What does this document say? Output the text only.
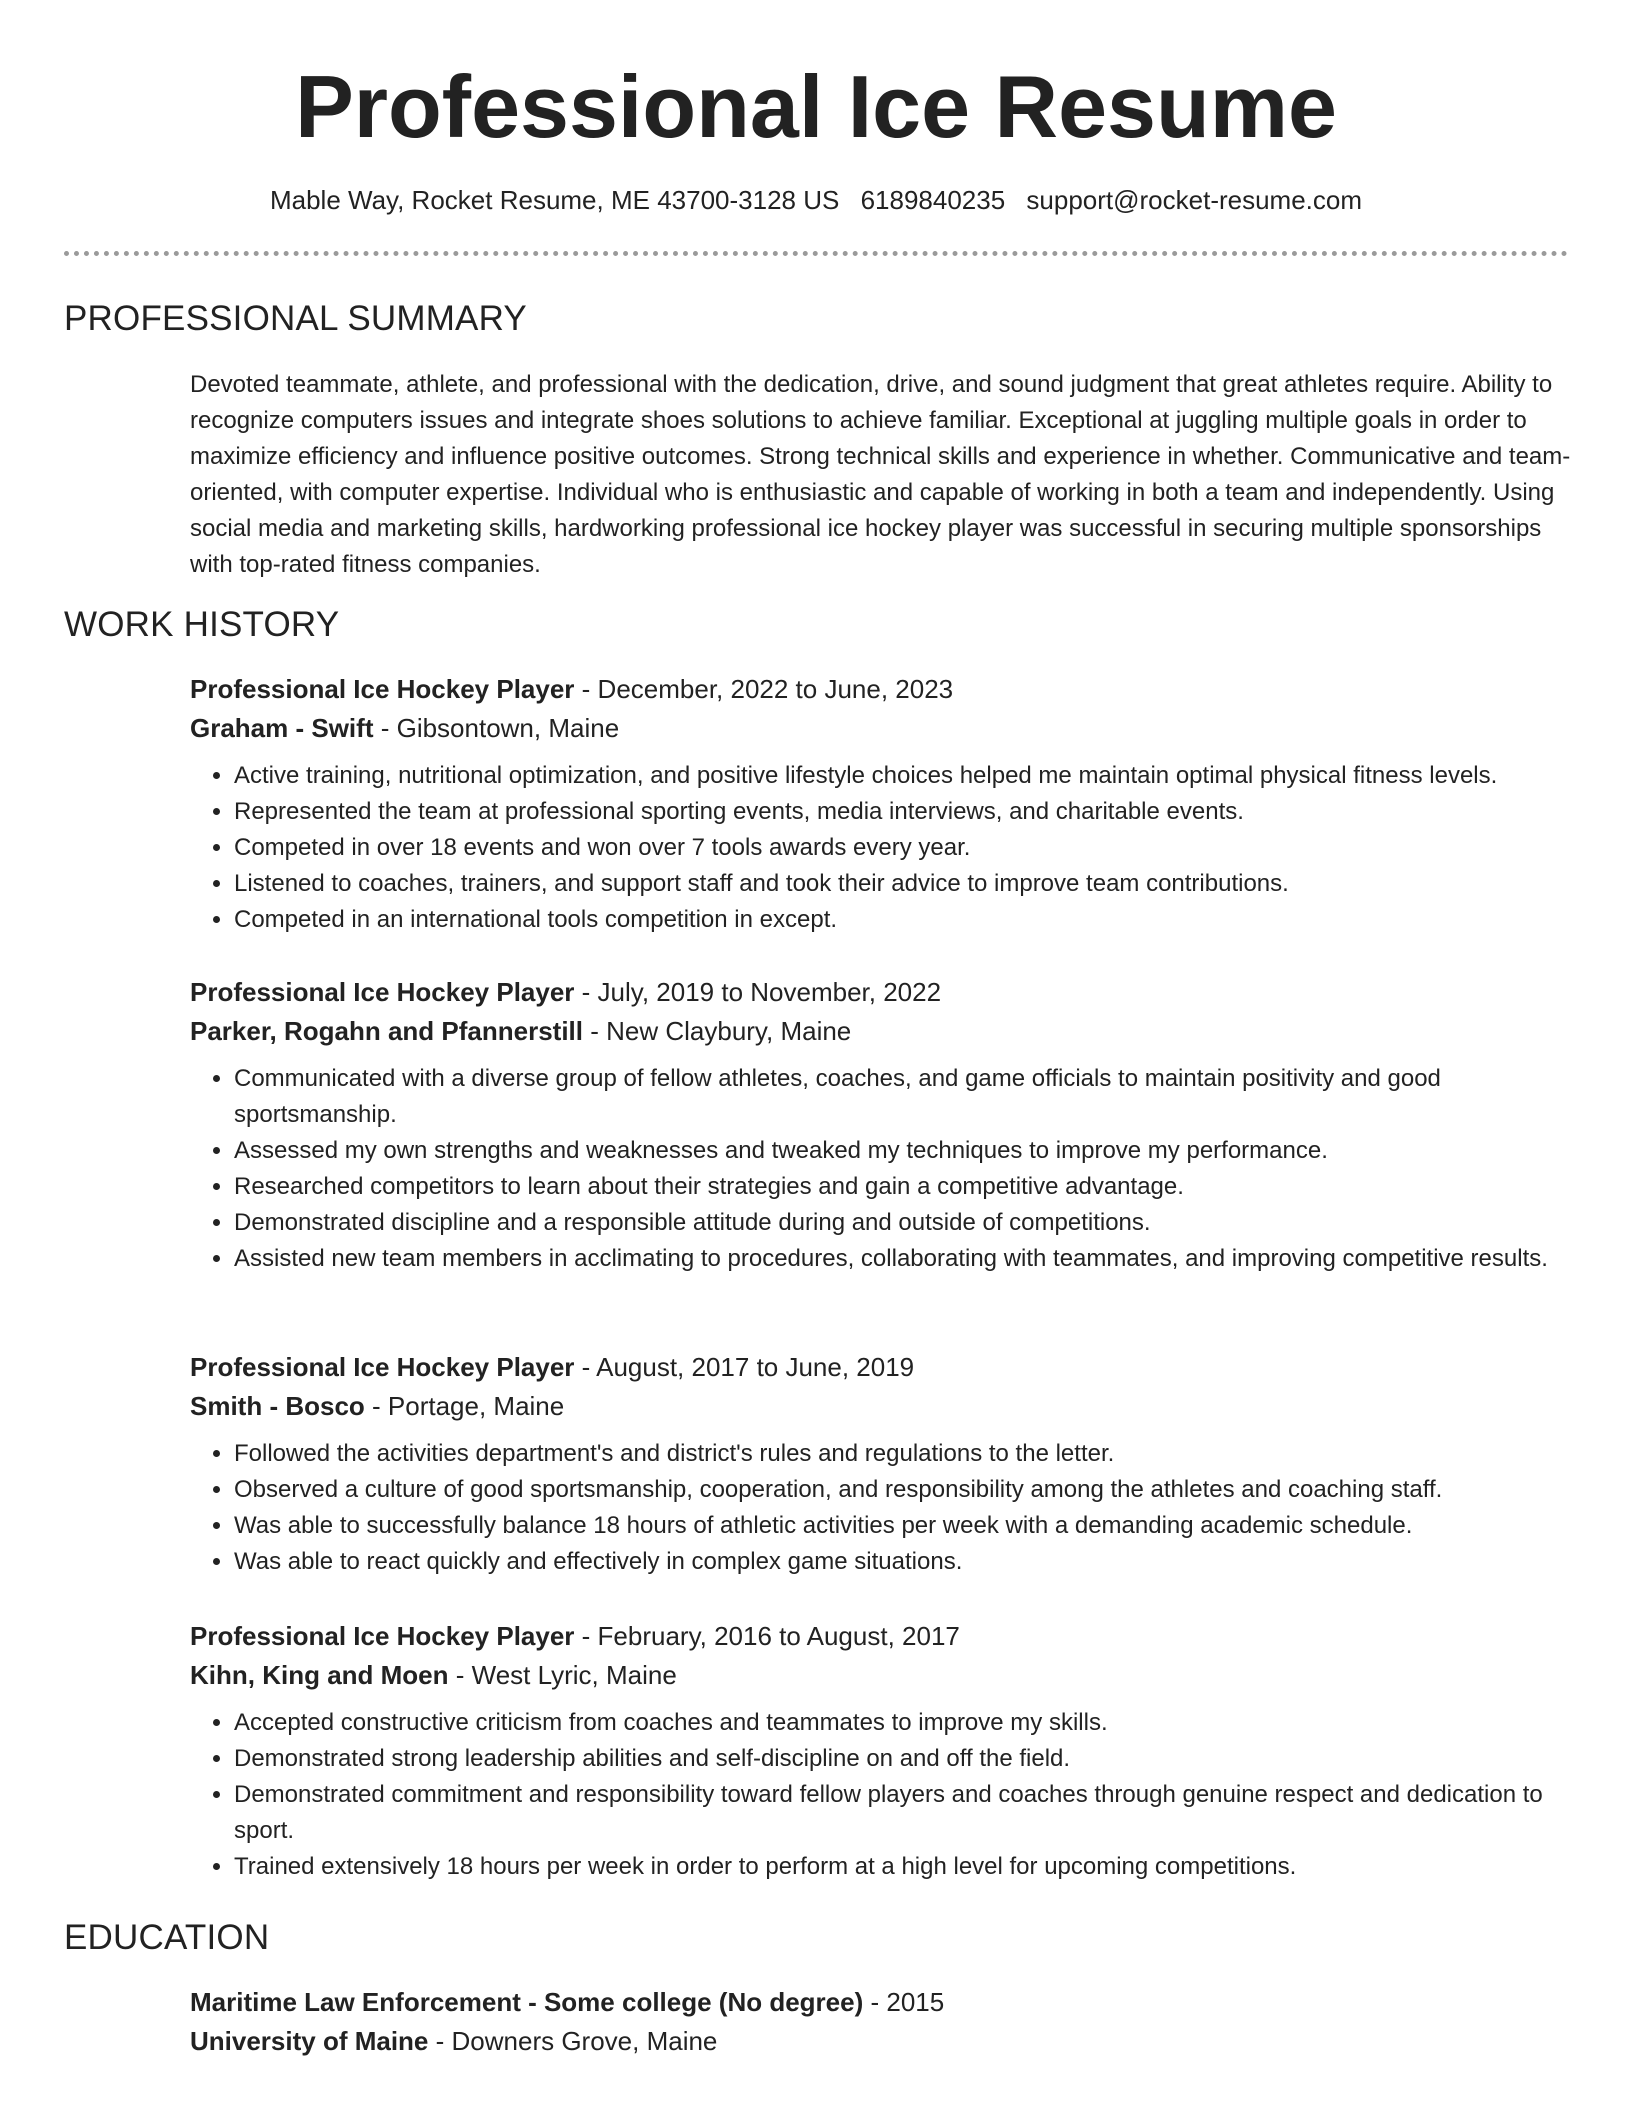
Professional Ice Resume
Mable Way, Rocket Resume, ME 43700-3128 US 6189840235 support@rocket-resume.com
PROFESSIONAL SUMMARY
Devoted teammate, athlete, and professional with the dedication, drive, and sound judgment that great athletes require. Ability to recognize computers issues and integrate shoes solutions to achieve familiar. Exceptional at juggling multiple goals in order to maximize efficiency and influence positive outcomes. Strong technical skills and experience in whether. Communicative and team-oriented, with computer expertise. Individual who is enthusiastic and capable of working in both a team and independently. Using social media and marketing skills, hardworking professional ice hockey player was successful in securing multiple sponsorships with top-rated fitness companies.
WORK HISTORY
Professional Ice Hockey Player - December, 2022 to June, 2023
Graham - Swift - Gibsontown, Maine
• Active training, nutritional optimization, and positive lifestyle choices helped me maintain optimal physical fitness levels.
• Represented the team at professional sporting events, media interviews, and charitable events.
• Competed in over 18 events and won over 7 tools awards every year.
• Listened to coaches, trainers, and support staff and took their advice to improve team contributions.
• Competed in an international tools competition in except.
Professional Ice Hockey Player - July, 2019 to November, 2022
Parker, Rogahn and Pfannerstill - New Claybury, Maine
• Communicated with a diverse group of fellow athletes, coaches, and game officials to maintain positivity and good sportsmanship.
• Assessed my own strengths and weaknesses and tweaked my techniques to improve my performance.
• Researched competitors to learn about their strategies and gain a competitive advantage.
• Demonstrated discipline and a responsible attitude during and outside of competitions.
• Assisted new team members in acclimating to procedures, collaborating with teammates, and improving competitive results.
Professional Ice Hockey Player - August, 2017 to June, 2019
Smith - Bosco - Portage, Maine
• Followed the activities department's and district's rules and regulations to the letter.
• Observed a culture of good sportsmanship, cooperation, and responsibility among the athletes and coaching staff.
• Was able to successfully balance 18 hours of athletic activities per week with a demanding academic schedule.
• Was able to react quickly and effectively in complex game situations.
Professional Ice Hockey Player - February, 2016 to August, 2017
Kihn, King and Moen - West Lyric, Maine
• Accepted constructive criticism from coaches and teammates to improve my skills.
• Demonstrated strong leadership abilities and self-discipline on and off the field.
• Demonstrated commitment and responsibility toward fellow players and coaches through genuine respect and dedication to sport.
• Trained extensively 18 hours per week in order to perform at a high level for upcoming competitions.
EDUCATION
Maritime Law Enforcement - Some college (No degree) - 2015
University of Maine - Downers Grove, Maine
